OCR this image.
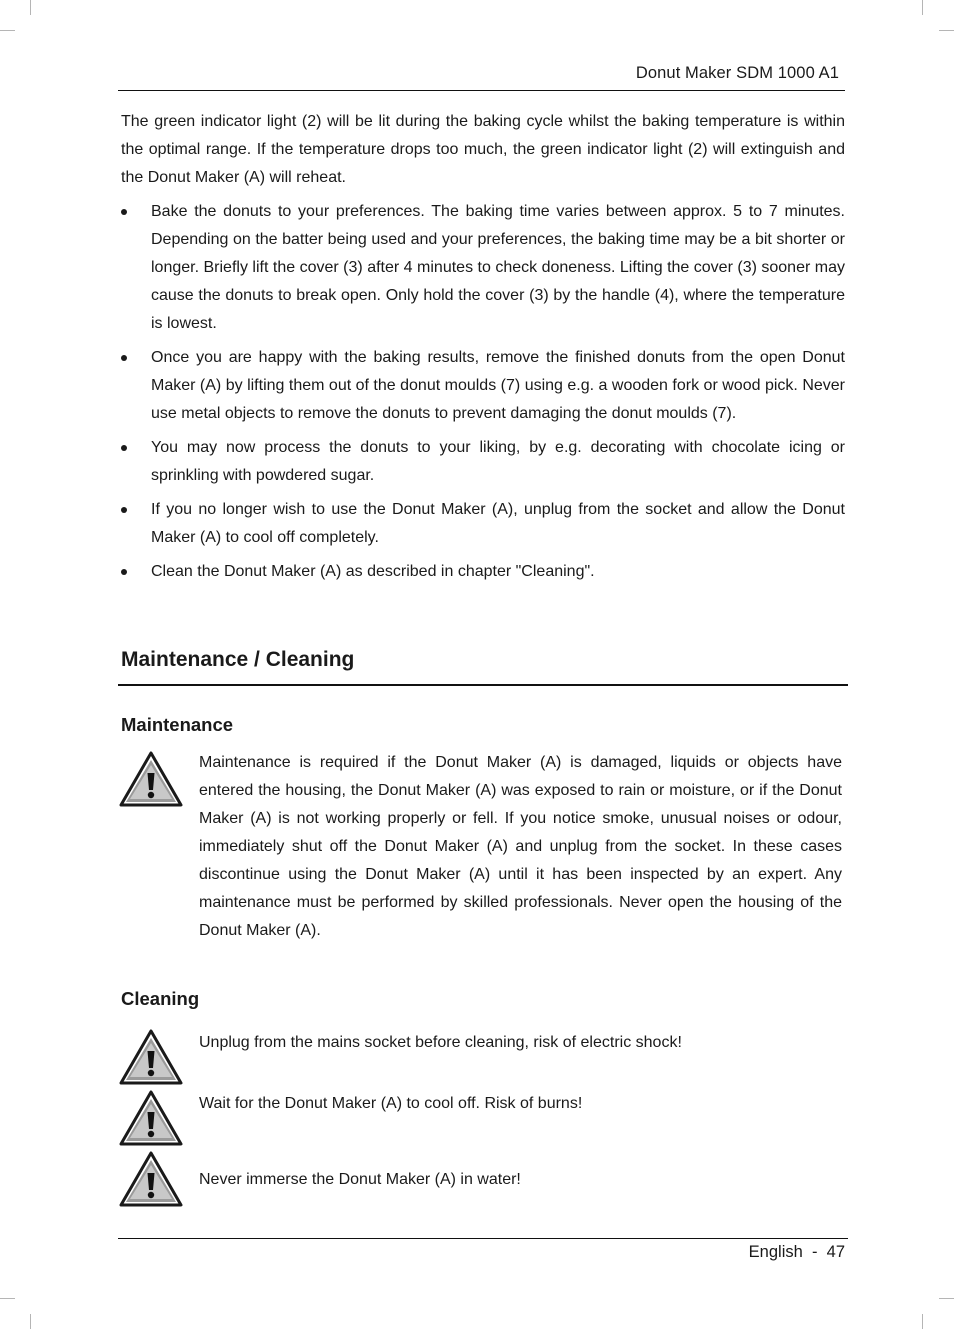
Donut Maker SDM 1000 A1

The green indicator light (2) will be lit during the baking cycle whilst the baking temperature is within the optimal range. If the temperature drops too much, the green indicator light (2) will extinguish and the Donut Maker (A) will reheat.

Bake the donuts to your preferences. The baking time varies between approx. 5 to 7 minutes. Depending on the batter being used and your preferences, the baking time may be a bit shorter or longer. Briefly lift the cover (3) after 4 minutes to check doneness. Lifting the cover (3) sooner may cause the donuts to break open. Only hold the cover (3) by the handle (4), where the temperature is lowest.
Once you are happy with the baking results, remove the finished donuts from the open Donut Maker (A) by lifting them out of the donut moulds (7) using e.g. a wooden fork or wood pick. Never use metal objects to remove the donuts to prevent damaging the donut moulds (7).
You may now process the donuts to your liking, by e.g. decorating with chocolate icing or sprinkling with powdered sugar.
If you no longer wish to use the Donut Maker (A), unplug from the socket and allow the Donut Maker (A) to cool off completely.
Clean the Donut Maker (A) as described in chapter "Cleaning".
Maintenance / Cleaning
Maintenance

Maintenance is required if the Donut Maker (A) is damaged, liquids or objects have entered the housing, the Donut Maker (A) was exposed to rain or moisture, or if the Donut Maker (A) is not working properly or fell. If you notice smoke, unusual noises or odour, immediately shut off the Donut Maker (A) and unplug from the socket. In these cases discontinue using the Donut Maker (A) until it has been inspected by an expert. Any maintenance must be performed by skilled professionals. Never open the housing of the Donut Maker (A).

Cleaning

Unplug from the mains socket before cleaning, risk of electric shock!

Wait for the Donut Maker (A) to cool off. Risk of burns!

Never immerse the Donut Maker (A) in water!

English - 47
